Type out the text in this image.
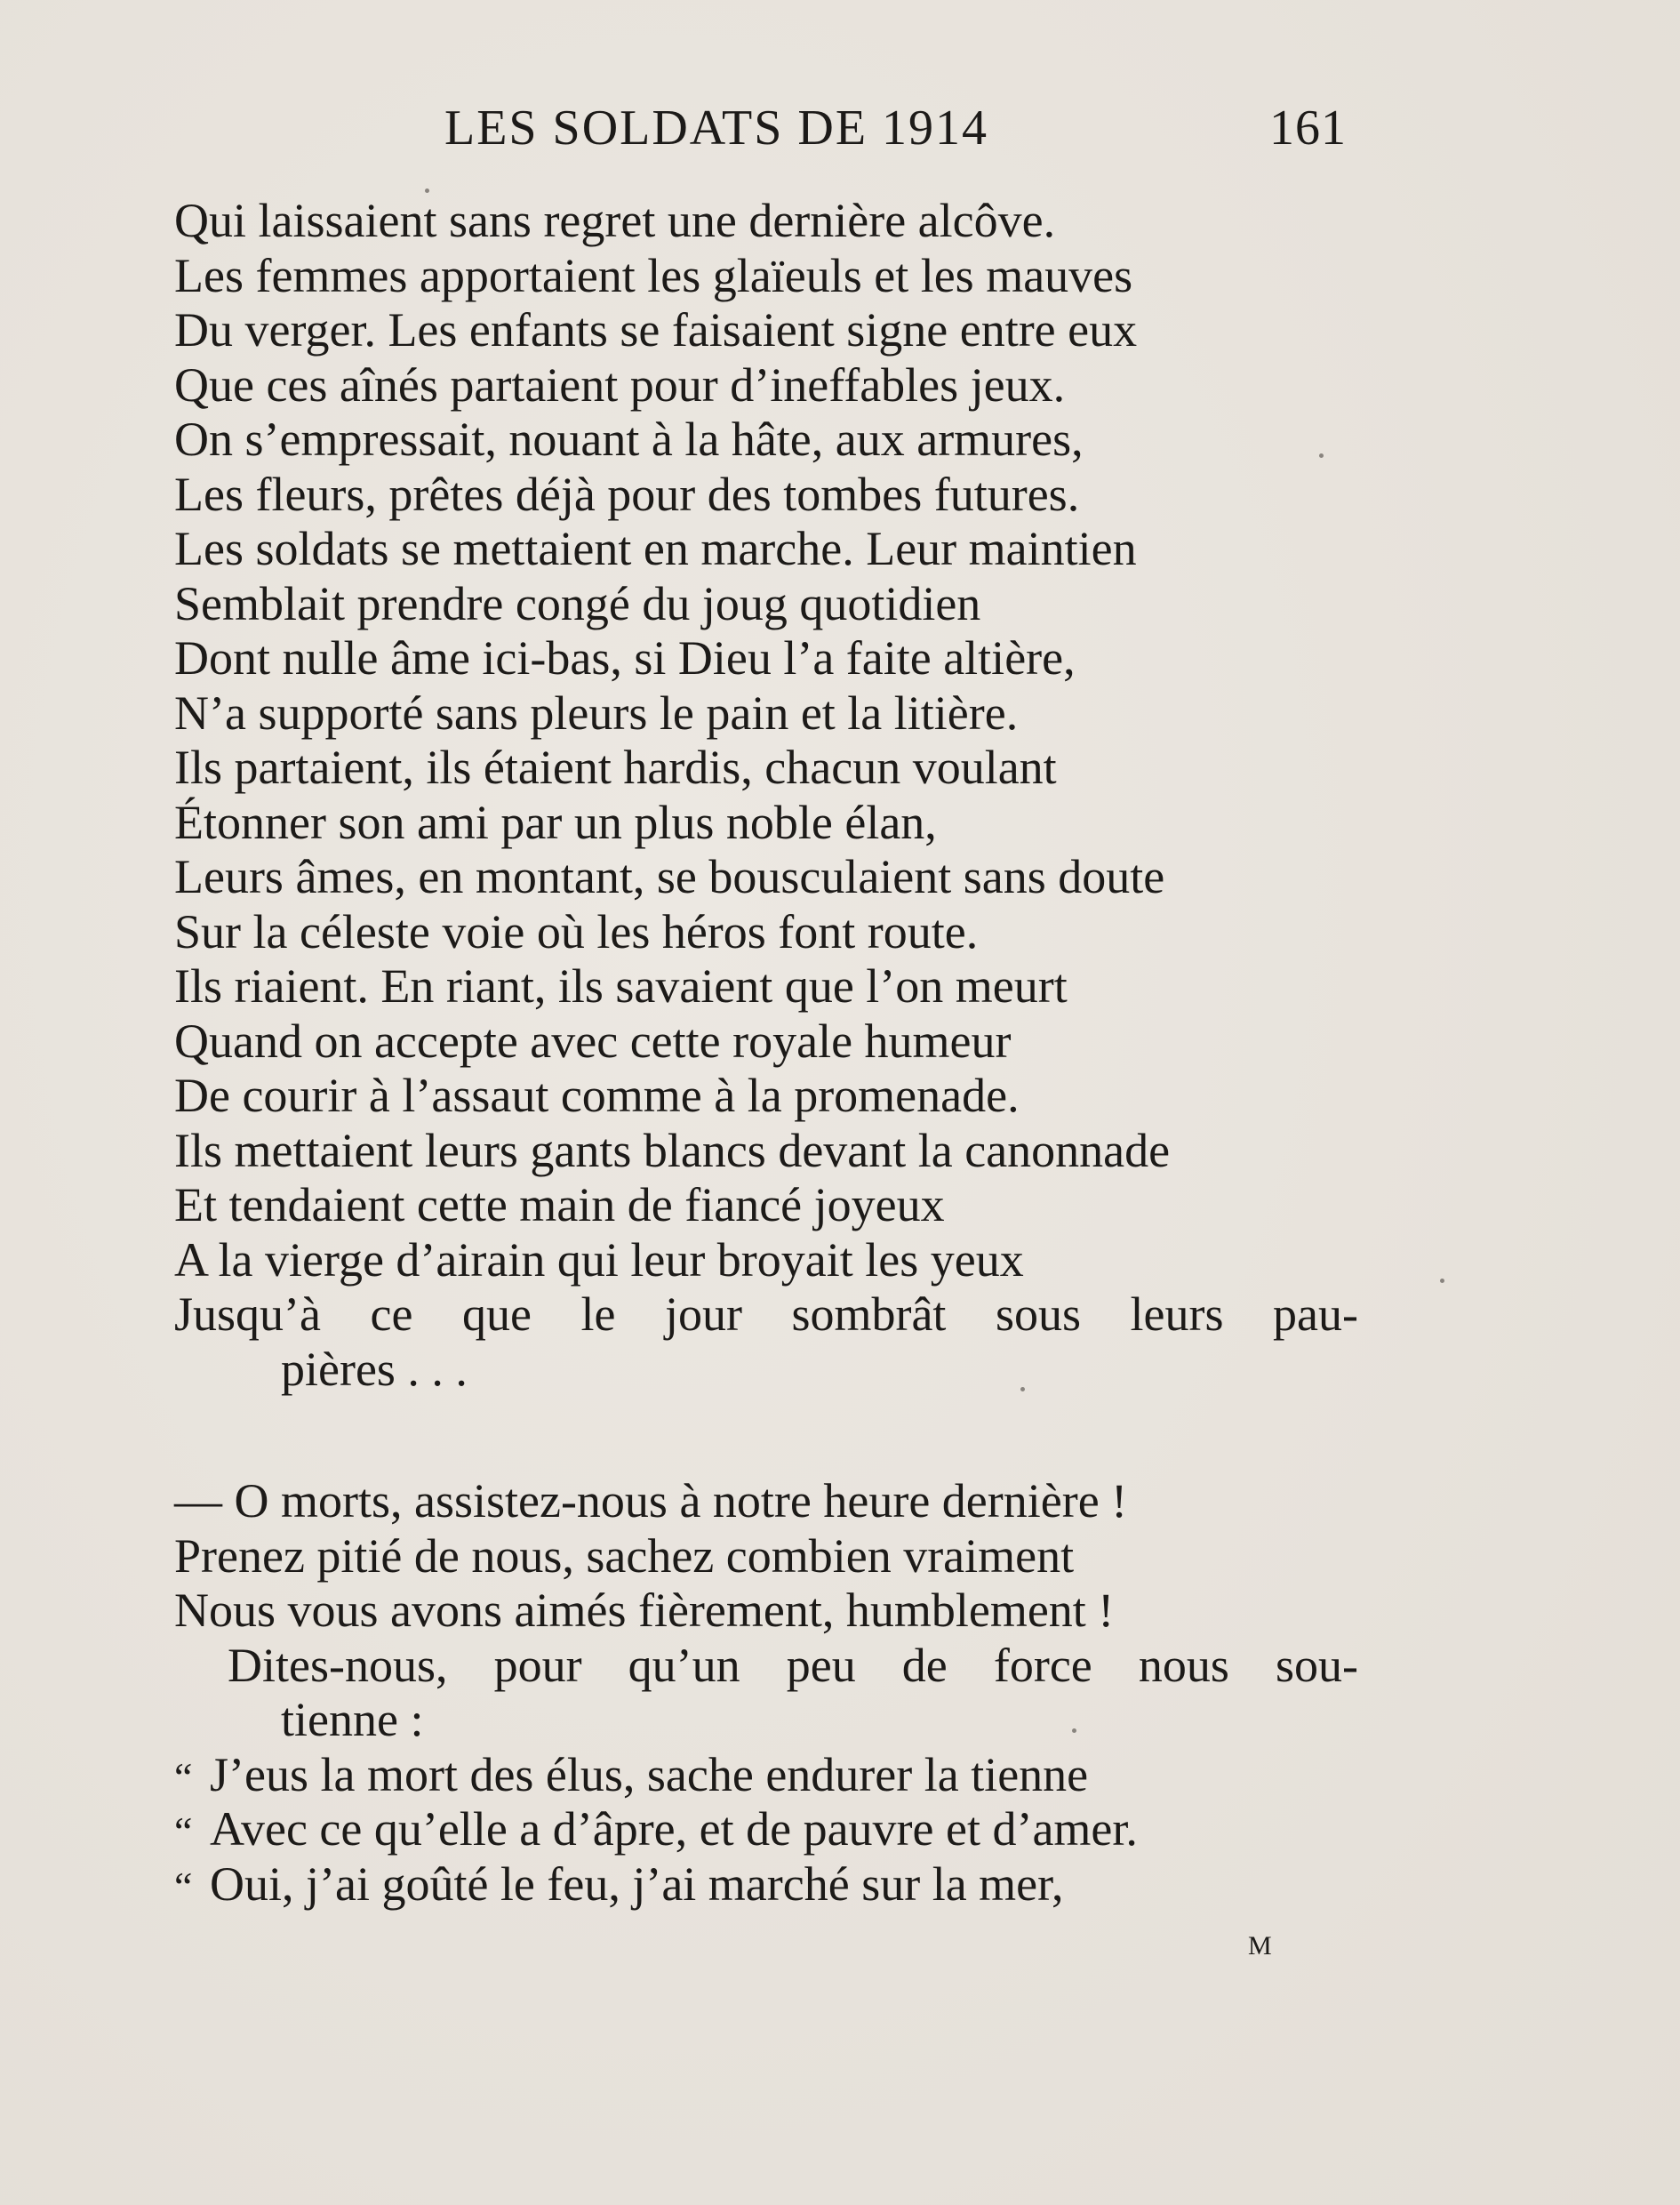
LES SOLDATS DE 1914	161
Qui laissaient sans regret une dernière alcôve.
Les femmes apportaient les glaïeuls et les mauves
Du verger. Les enfants se faisaient signe entre eux
Que ces aînés partaient pour d’ineffables jeux.
On s’empressait, nouant à la hâte, aux armures,
Les fleurs, prêtes déjà pour des tombes futures.
Les soldats se mettaient en marche. Leur maintien
Semblait prendre congé du joug quotidien
Dont nulle âme ici-bas, si Dieu l’a faite altière,
N’a supporté sans pleurs le pain et la litière.
Ils partaient, ils étaient hardis, chacun voulant
Étonner son ami par un plus noble élan,
Leurs âmes, en montant, se bousculaient sans doute
Sur la céleste voie où les héros font route.
Ils riaient. En riant, ils savaient que l’on meurt
Quand on accepte avec cette royale humeur
De courir à l’assaut comme à la promenade.
Ils mettaient leurs gants blancs devant la canonnade
Et tendaient cette main de fiancé joyeux
A la vierge d’airain qui leur broyait les yeux
Jusqu’à ce que le jour sombrât sous leurs pau-
pières . . .
— O morts, assistez-nous à notre heure dernière !
Prenez pitié de nous, sachez combien vraiment
Nous vous avons aimés fièrement, humblement !
Dites-nous, pour qu’un peu de force nous sou-
tienne :
“ J’eus la mort des élus, sache endurer la tienne
“ Avec ce qu’elle a d’âpre, et de pauvre et d’amer.
“ Oui, j’ai goûté le feu, j’ai marché sur la mer,
M
